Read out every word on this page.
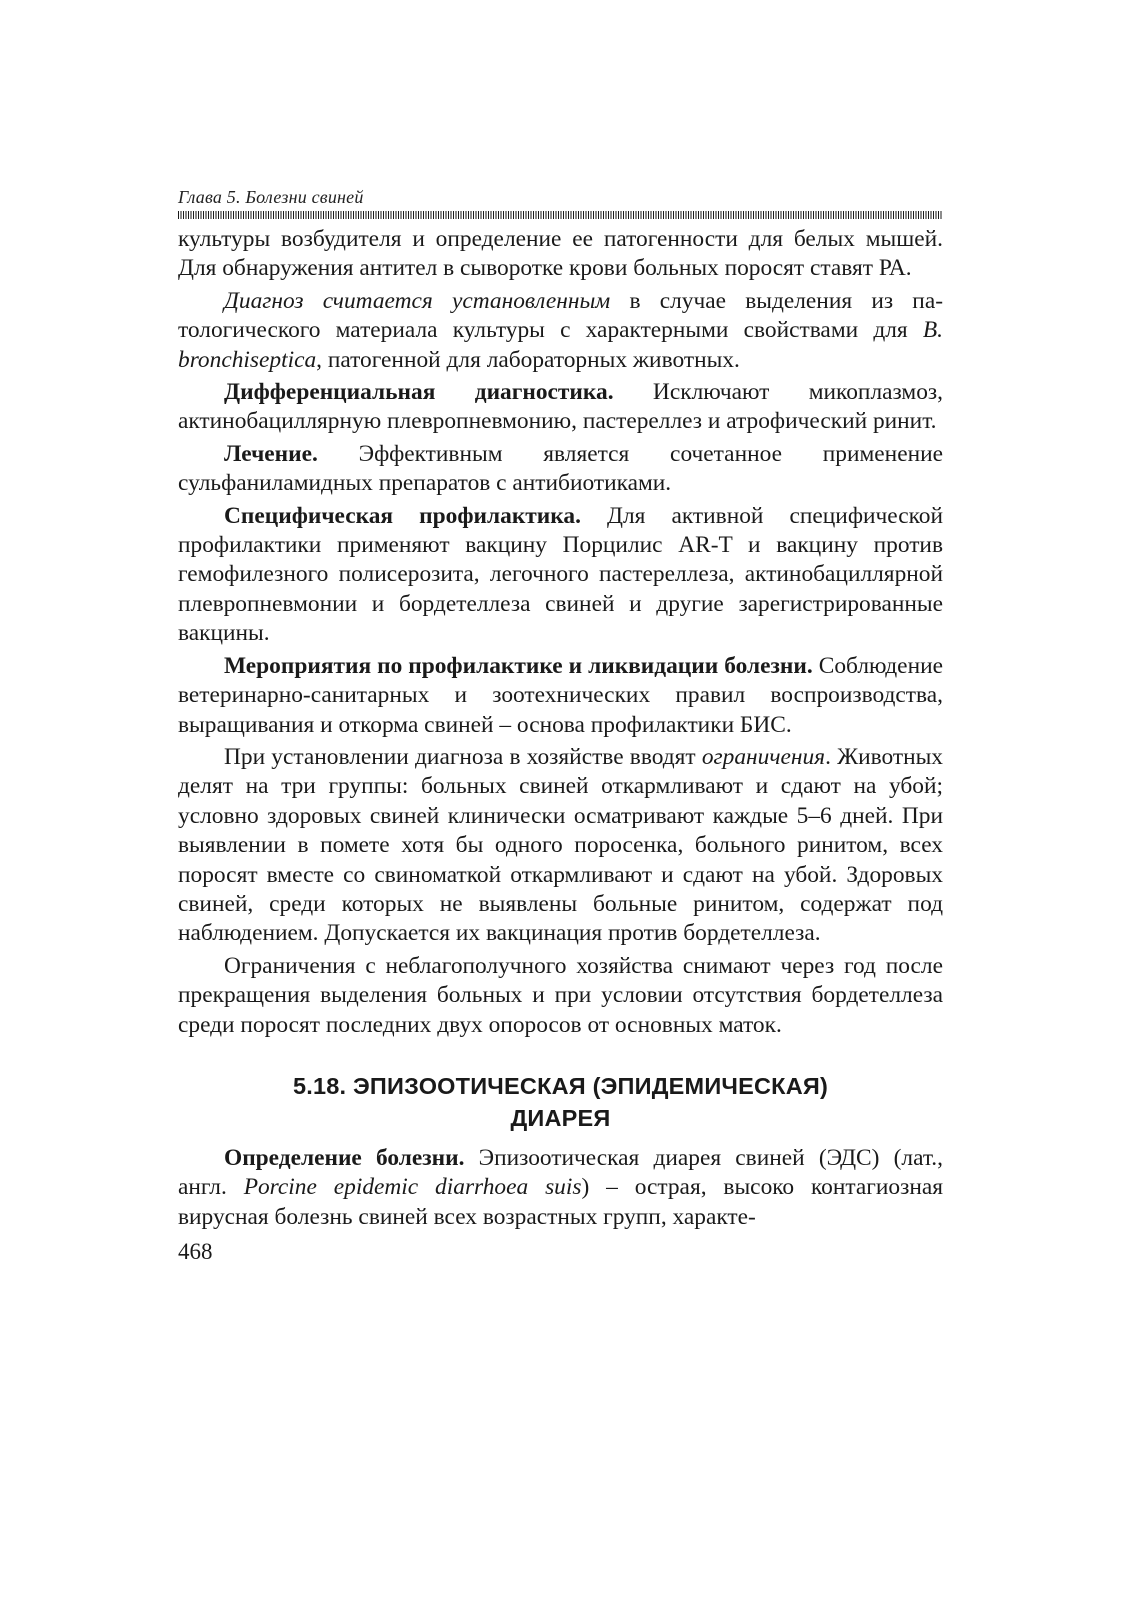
Глава 5. Болезни свиней

культуры возбудителя и определение ее патогенности для белых мышей. Для обнаружения антител в сыворотке крови больных поросят ставят РА.

Диагноз считается установленным в случае выделения из патологического материала культуры с характерными свойствами для B. bronchiseptica, патогенной для лабораторных животных.

Дифференциальная диагностика. Исключают микоплазмоз, актинобациллярную плевропневмонию, пастереллез и атрофический ринит.

Лечение. Эффективным является сочетанное применение сульфаниламидных препаратов с антибиотиками.

Специфическая профилактика. Для активной специфической профилактики применяют вакцину Порцилис AR-T и вакцину против гемофилезного полисерозита, легочного пастереллеза, актинобациллярной плевропневмонии и бордетеллеза свиней и другие зарегистрированные вакцины.

Мероприятия по профилактике и ликвидации болезни. Соблюдение ветеринарно-санитарных и зоотехнических правил воспроизводства, выращивания и откорма свиней – основа профилактики БИС.

При установлении диагноза в хозяйстве вводят ограничения. Животных делят на три группы: больных свиней откармливают и сдают на убой; условно здоровых свиней клинически осматривают каждые 5–6 дней. При выявлении в помете хотя бы одного поросенка, больного ринитом, всех поросят вместе со свиноматкой откармливают и сдают на убой. Здоровых свиней, среди которых не выявлены больные ринитом, содержат под наблюдением. Допускается их вакцинация против бордетеллеза.

Ограничения с неблагополучного хозяйства снимают через год после прекращения выделения больных и при условии отсутствия бордетеллеза среди поросят последних двух опоросов от основных маток.

5.18. ЭПИЗООТИЧЕСКАЯ (ЭПИДЕМИЧЕСКАЯ)
ДИАРЕЯ

Определение болезни. Эпизоотическая диарея свиней (ЭДС) (лат., англ. Porcine epidemic diarrhoea suis) – острая, высоко контагиозная вирусная болезнь свиней всех возрастных групп, характе-

468
